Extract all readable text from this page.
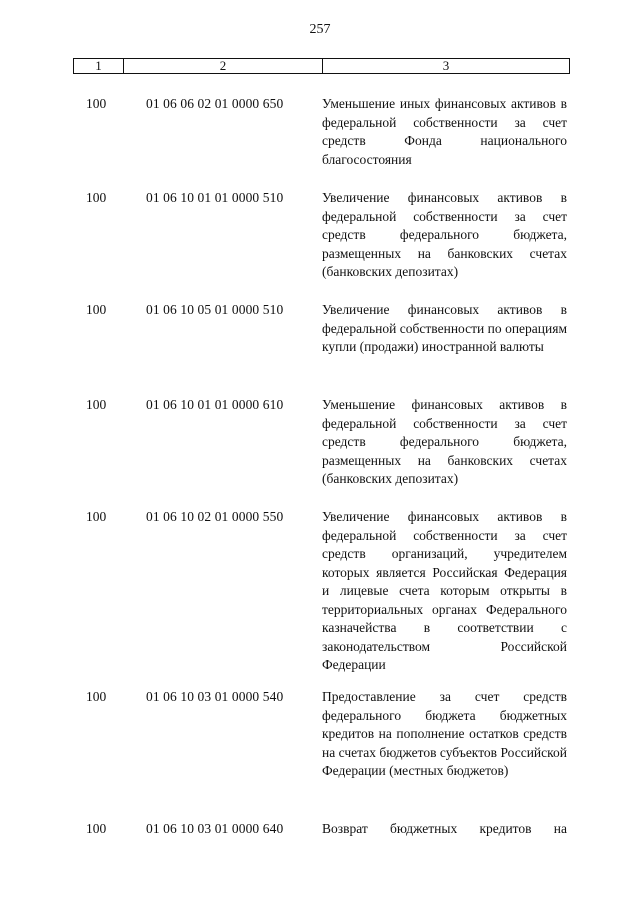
257
1	2	3
100	01 06 06 02 01 0000 650	Уменьшение иных финансовых активов в федеральной собственности за счет средств Фонда национального благосостояния
100	01 06 10 01 01 0000 510	Увеличение финансовых активов в федеральной собственности за счет средств федерального бюджета, размещенных на банковских счетах (банковских депозитах)
100	01 06 10 05 01 0000 510	Увеличение финансовых активов в федеральной собственности по операциям купли (продажи) иностранной валюты
100	01 06 10 01 01 0000 610	Уменьшение финансовых активов в федеральной собственности за счет средств федерального бюджета, размещенных на банковских счетах (банковских депозитах)
100	01 06 10 02 01 0000 550	Увеличение финансовых активов в федеральной собственности за счет средств организаций, учредителем которых является Российская Федерация и лицевые счета которым открыты в территориальных органах Федерального казначейства в соответствии с законодательством Российской Федерации
100	01 06 10 03 01 0000 540	Предоставление за счет средств федерального бюджета бюджетных кредитов на пополнение остатков средств на счетах бюджетов субъектов Российской Федерации (местных бюджетов)
100	01 06 10 03 01 0000 640	Возврат бюджетных кредитов на
